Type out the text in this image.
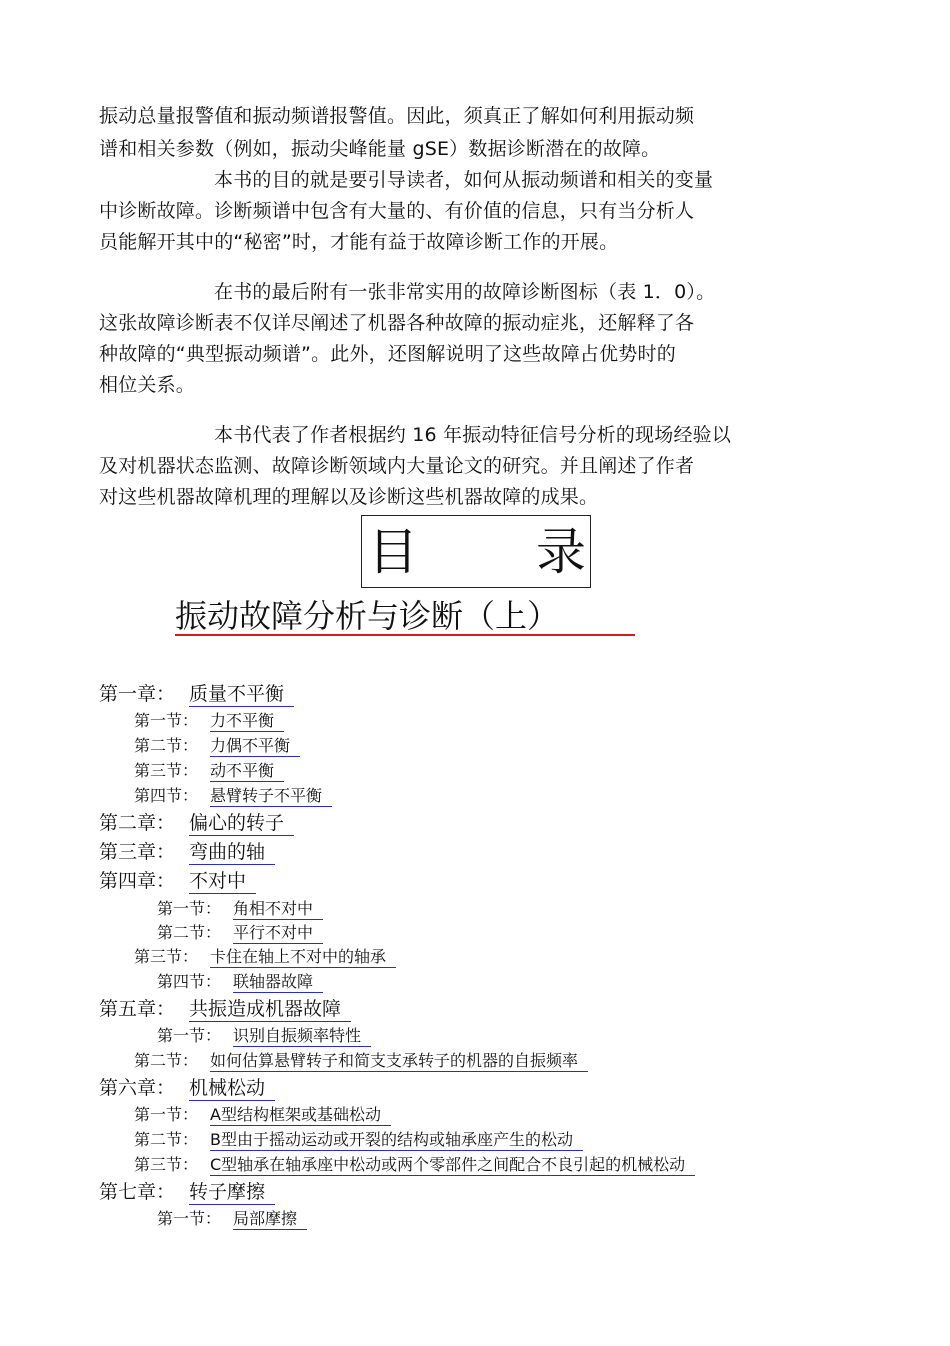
振动总量报警值和振动频谱报警值。因此，须真正了解如何利用振动频
谱和相关参数（例如，振动尖峰能量 gSE）数据诊断潜在的故障。
本书的目的就是要引导读者，如何从振动频谱和相关的变量
中诊断故障。诊断频谱中包含有大量的、有价值的信息，只有当分析人
员能解开其中的“秘密”时，才能有益于故障诊断工作的开展。
在书的最后附有一张非常实用的故障诊断图标（表 1．0）。
这张故障诊断表不仅详尽阐述了机器各种故障的振动症兆，还解释了各
种故障的“典型振动频谱”。此外，还图解说明了这些故障占优势时的
相位关系。
本书代表了作者根据约 16 年振动特征信号分析的现场经验以
及对机器状态监测、故障诊断领域内大量论文的研究。并且阐述了作者
对这些机器故障机理的理解以及诊断这些机器故障的成果。
目 录
振动故障分析与诊断（上）
第一章： 质量不平衡
第一节： 力不平衡
第二节： 力偶不平衡
第三节： 动不平衡
第四节： 悬臂转子不平衡
第二章： 偏心的转子
第三章： 弯曲的轴
第四章： 不对中
第一节： 角相不对中
第二节： 平行不对中
第三节： 卡住在轴上不对中的轴承
第四节： 联轴器故障
第五章： 共振造成机器故障
第一节： 识别自振频率特性
第二节： 如何估算悬臂转子和简支支承转子的机器的自振频率
第六章： 机械松动
第一节： A型结构框架或基础松动
第二节： B型由于摇动运动或开裂的结构或轴承座产生的松动
第三节： C型轴承在轴承座中松动或两个零部件之间配合不良引起的机械松动
第七章： 转子摩擦
第一节： 局部摩擦
